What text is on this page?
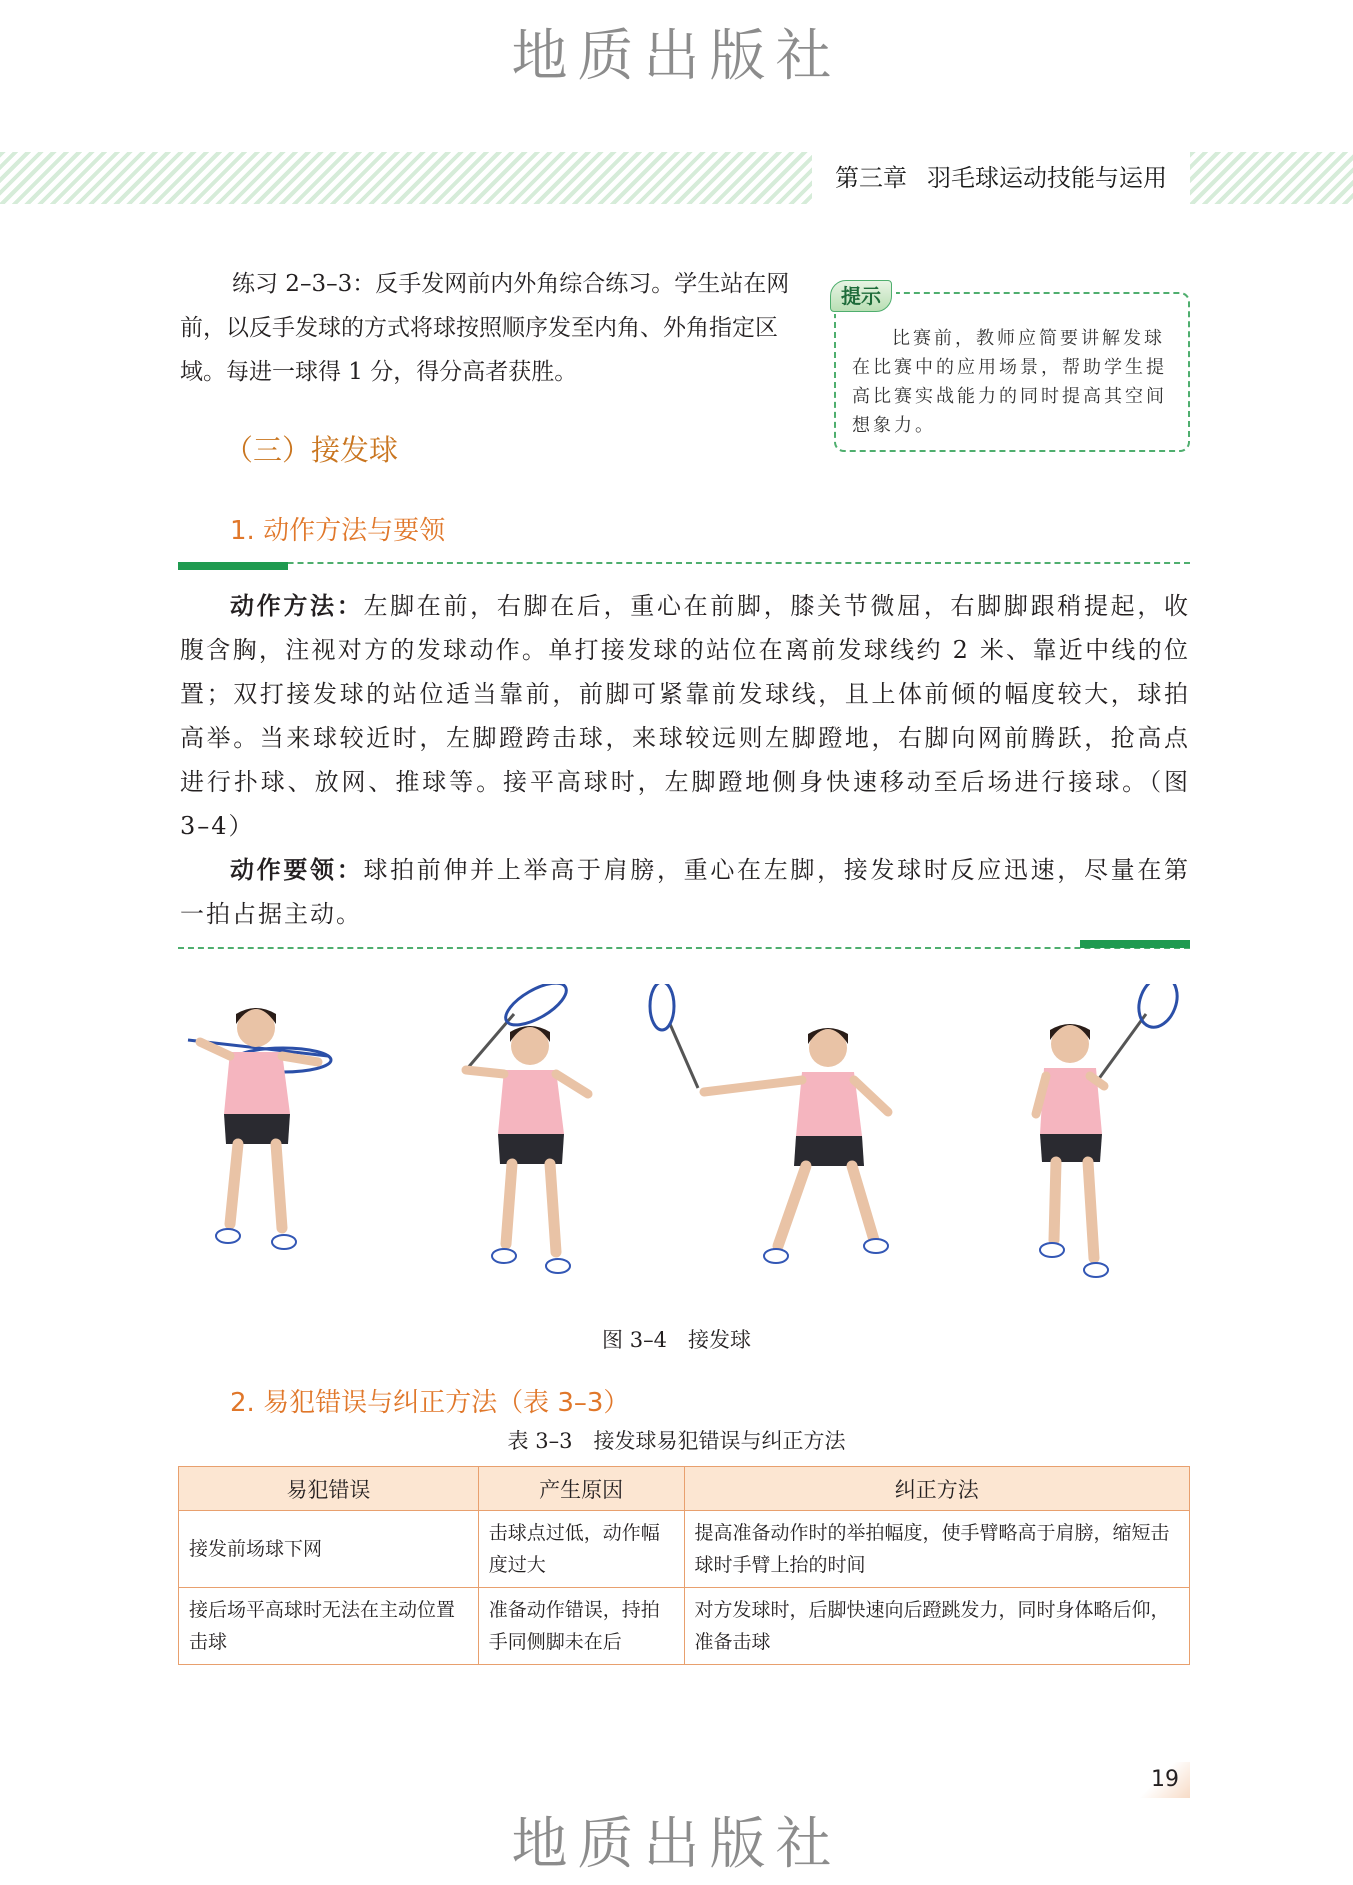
地质出版社
第三章 羽毛球运动技能与运用

练习 2–3–3：反手发网前内外角综合练习。学生站在网前，以反手发球的方式将球按照顺序发至内角、外角指定区域。每进一球得 1 分，得分高者获胜。

提示
比赛前，教师应简要讲解发球在比赛中的应用场景，帮助学生提高比赛实战能力的同时提高其空间想象力。
（三）接发球
1. 动作方法与要领

动作方法：左脚在前，右脚在后，重心在前脚，膝关节微屈，右脚脚跟稍提起，收腹含胸，注视对方的发球动作。单打接发球的站位在离前发球线约 2 米、靠近中线的位置；双打接发球的站位适当靠前，前脚可紧靠前发球线，且上体前倾的幅度较大，球拍高举。当来球较近时，左脚蹬跨击球，来球较远则左脚蹬地，右脚向网前腾跃，抢高点进行扑球、放网、推球等。接平高球时，左脚蹬地侧身快速移动至后场进行接球。（图 3–4）

动作要领：球拍前伸并上举高于肩膀，重心在左脚，接发球时反应迅速，尽量在第一拍占据主动。

图 3–4　接发球
2. 易犯错误与纠正方法（表 3–3）
表 3–3　接发球易犯错误与纠正方法
易犯错误	产生原因	纠正方法
接发前场球下网	击球点过低，动作幅度过大	提高准备动作时的举拍幅度，使手臂略高于肩膀，缩短击球时手臂上抬的时间
接后场平高球时无法在主动位置击球	准备动作错误，持拍手同侧脚未在后	对方发球时，后脚快速向后蹬跳发力，同时身体略后仰，准备击球
19
地质出版社
